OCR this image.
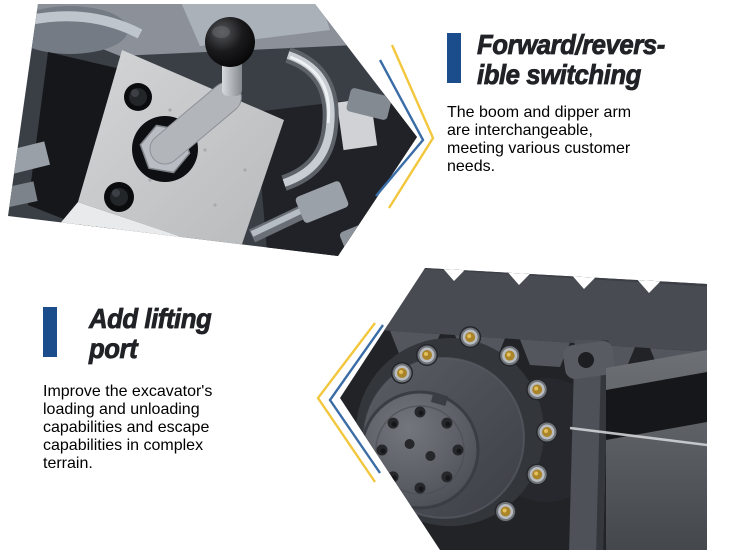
Forward/revers-
ible switching

The boom and dipper arm
are interchangeable,
meeting various customer
needs.

Add lifting
port

Improve the excavator's
loading and unloading
capabilities and escape
capabilities in complex
terrain.
